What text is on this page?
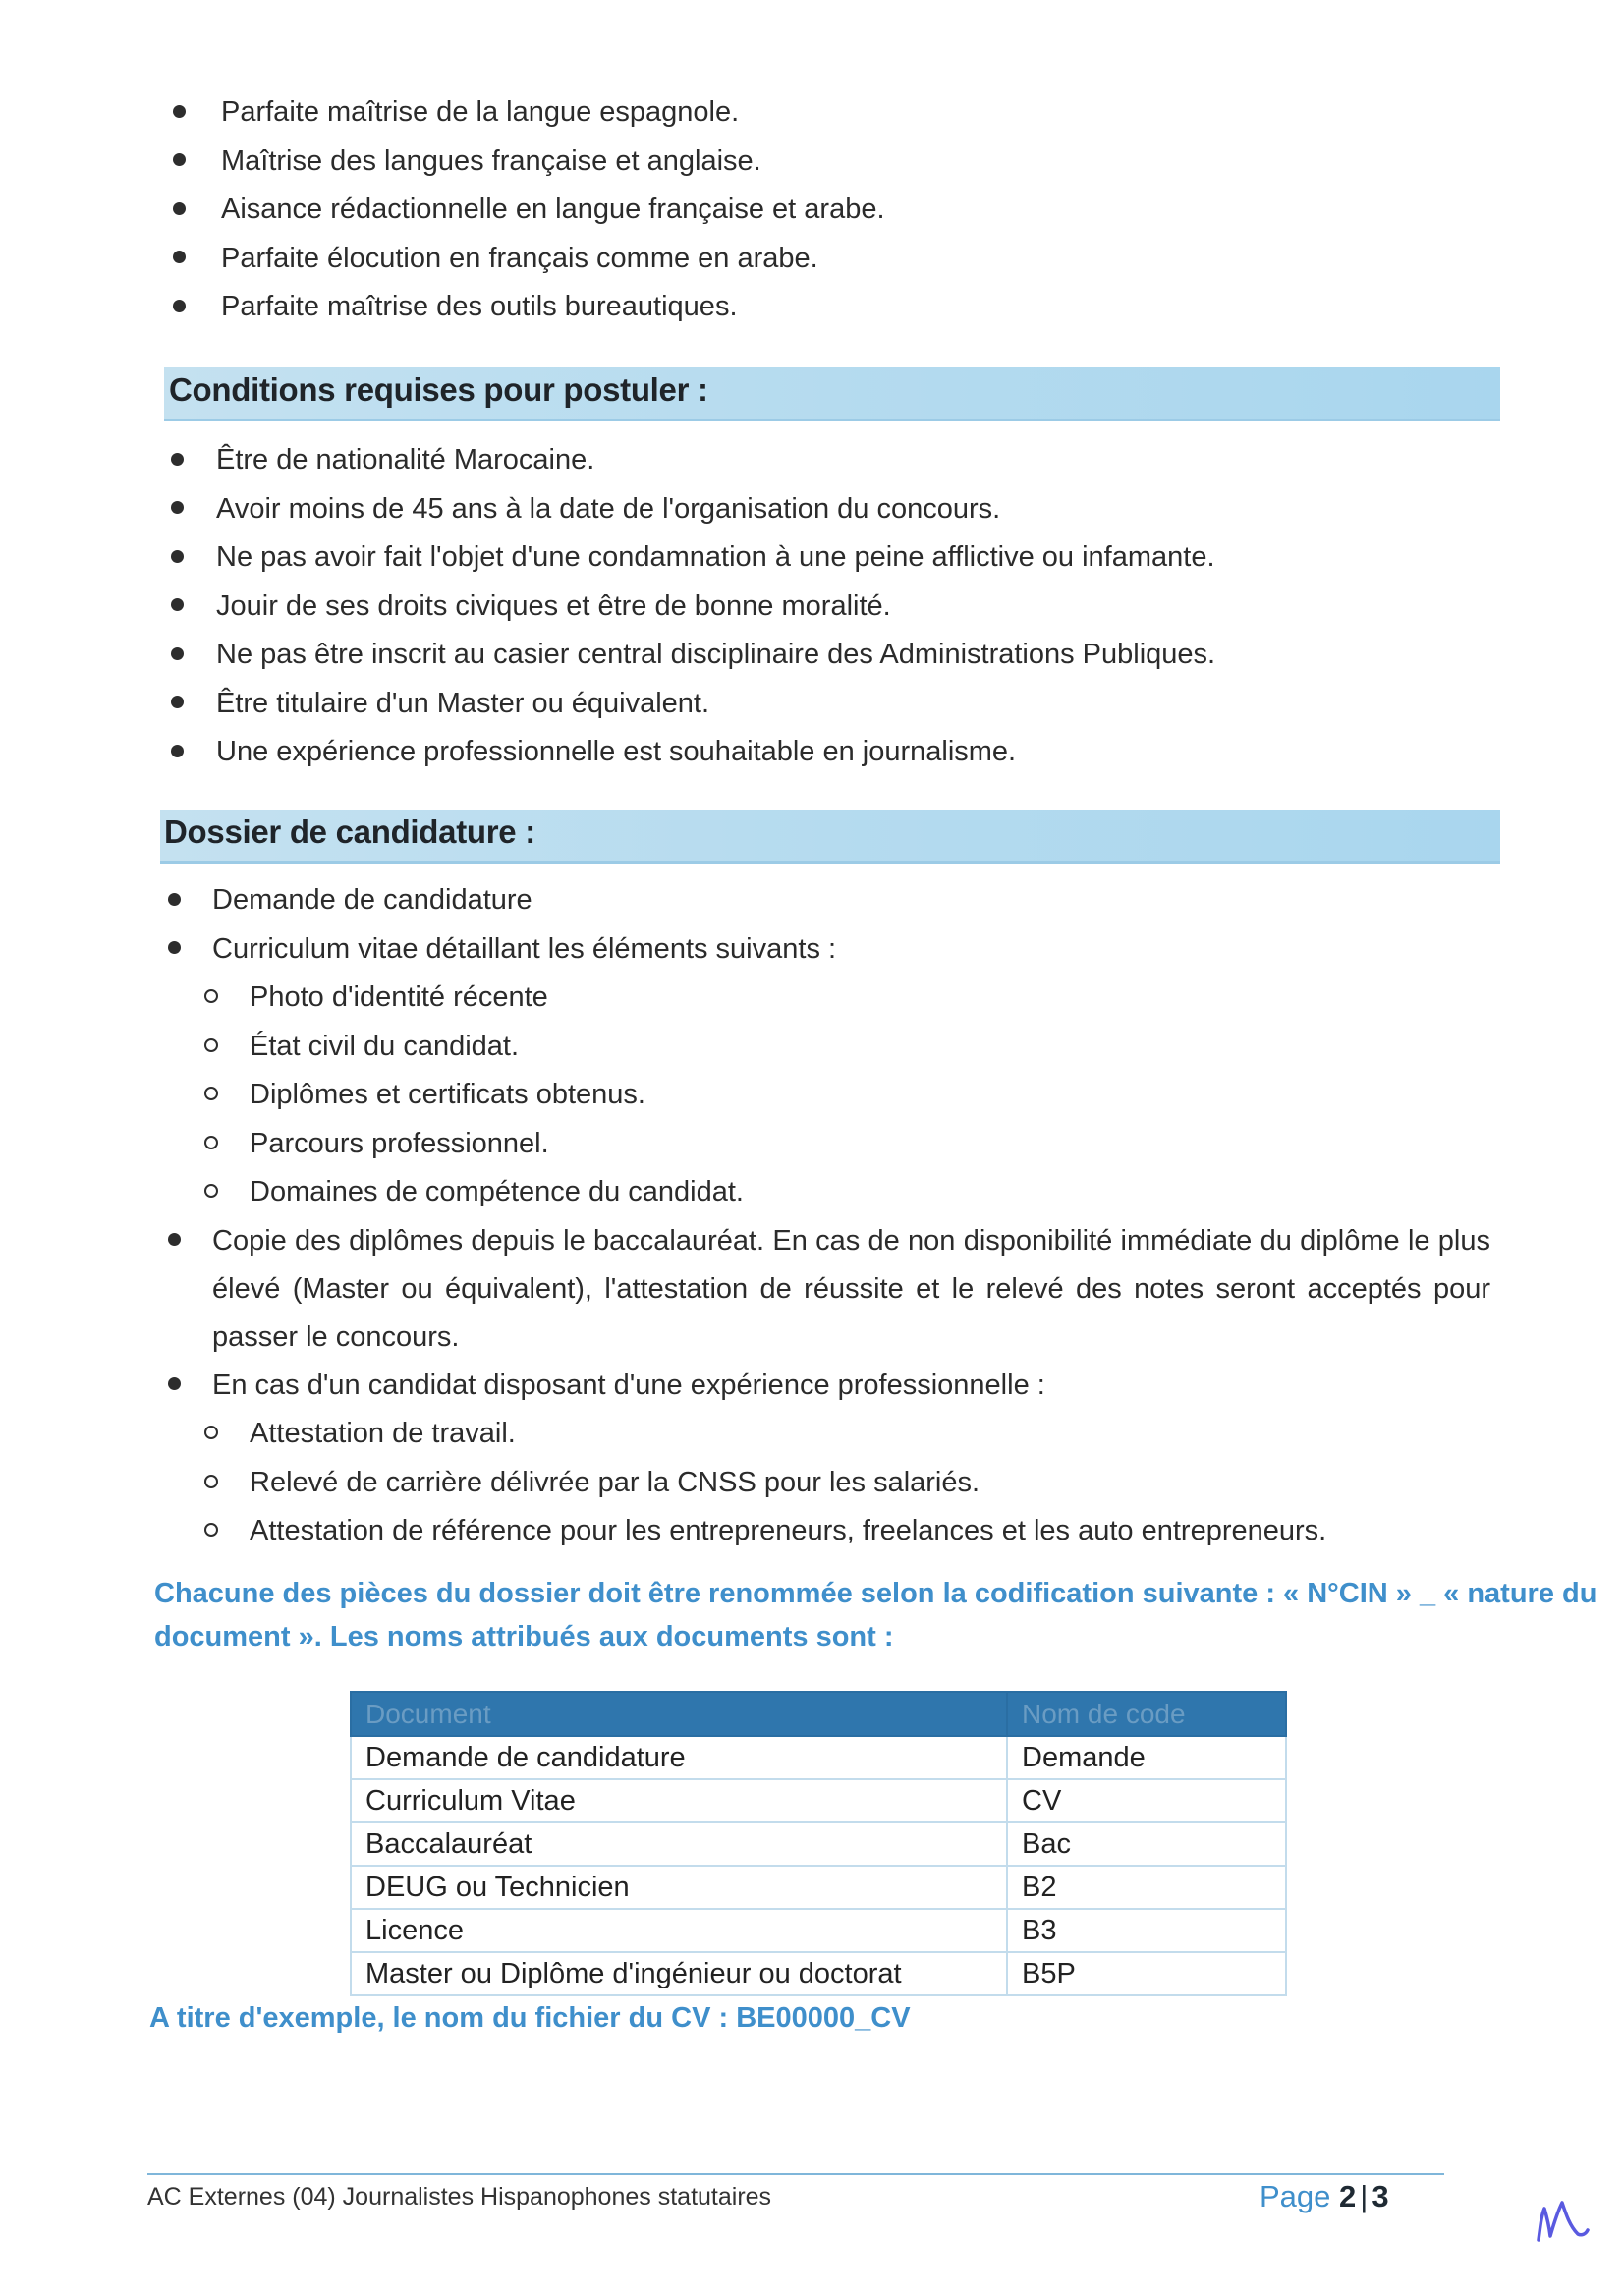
Parfaite maîtrise de la langue espagnole.
Maîtrise des langues française et anglaise.
Aisance rédactionnelle en langue française et arabe.
Parfaite élocution en français comme en arabe.
Parfaite maîtrise des outils bureautiques.
Conditions requises pour postuler :
Être de nationalité Marocaine.
Avoir moins de 45 ans à la date de l'organisation du concours.
Ne pas avoir fait l'objet d'une condamnation à une peine afflictive ou infamante.
Jouir de ses droits civiques et être de bonne moralité.
Ne pas être inscrit au casier central disciplinaire des Administrations Publiques.
Être titulaire d'un Master ou équivalent.
Une expérience professionnelle est souhaitable en journalisme.
Dossier de candidature :
Demande de candidature
Curriculum vitae détaillant les éléments suivants :
Photo d'identité récente
État civil du candidat.
Diplômes et certificats obtenus.
Parcours professionnel.
Domaines de compétence du candidat.
Copie des diplômes depuis le baccalauréat. En cas de non disponibilité immédiate du diplôme le plus élevé (Master ou équivalent), l'attestation de réussite et le relevé des notes seront acceptés pour passer le concours.
En cas d'un candidat disposant d'une expérience professionnelle :
Attestation de travail.
Relevé de carrière délivrée par la CNSS pour les salariés.
Attestation de référence pour les entrepreneurs, freelances et les auto entrepreneurs.
Chacune des pièces du dossier doit être renommée selon la codification suivante : « N°CIN » _ « nature du
document ». Les noms attribués aux documents sont :
Document	Nom de code
Demande de candidature	Demande
Curriculum Vitae	CV
Baccalauréat	Bac
DEUG ou Technicien	B2
Licence	B3
Master ou Diplôme d'ingénieur ou doctorat	B5P
A titre d'exemple, le nom du fichier du CV : BE00000_CV
AC Externes (04) Journalistes Hispanophones statutaires	Page 2 | 3
